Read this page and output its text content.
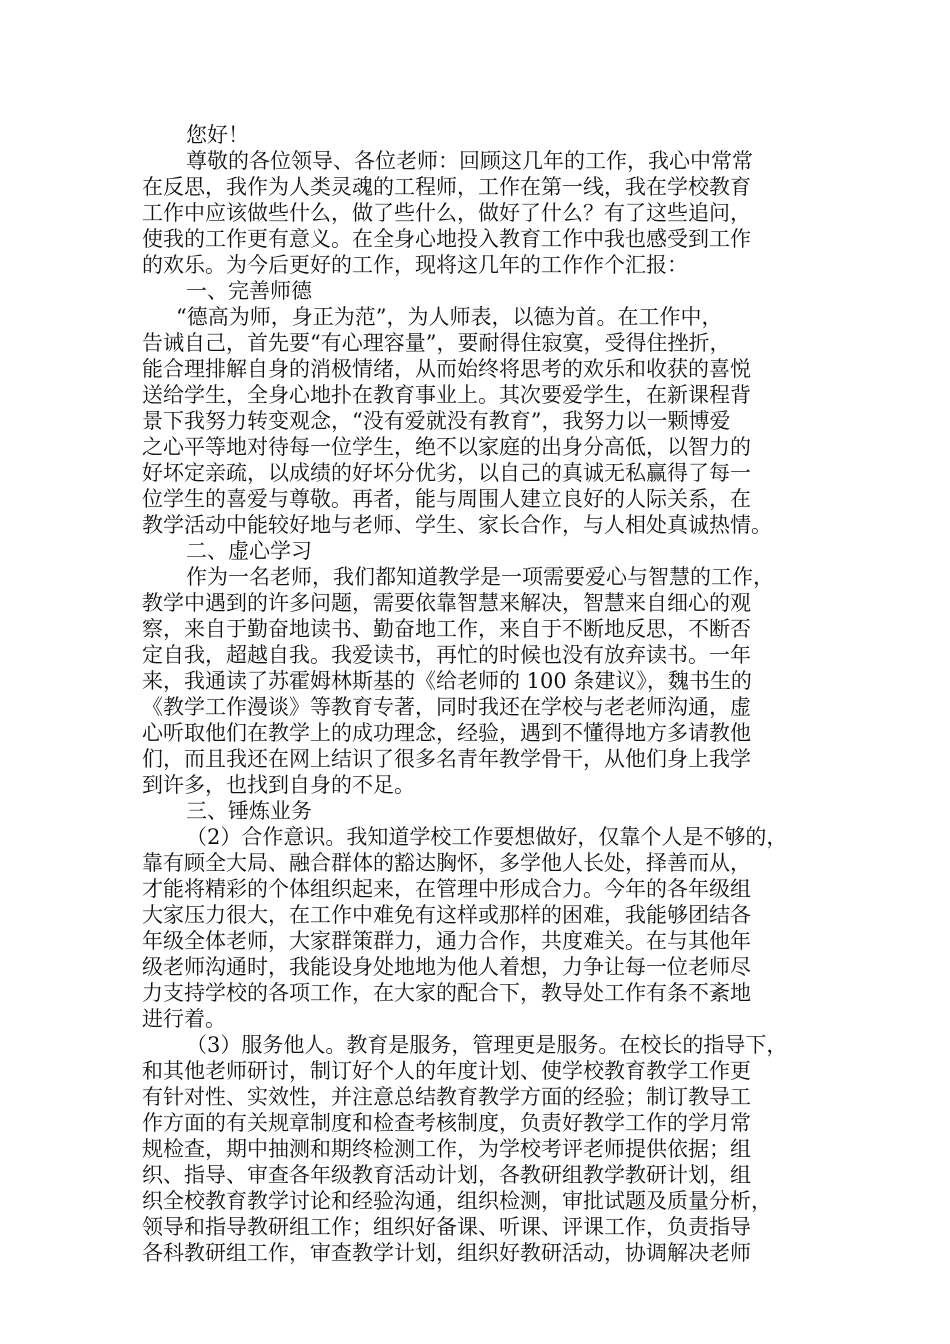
您好！
尊敬的各位领导、各位老师：回顾这几年的工作，我心中常常
在反思，我作为人类灵魂的工程师，工作在第一线，我在学校教育
工作中应该做些什么，做了些什么，做好了什么？有了这些追问，
使我的工作更有意义。在全身心地投入教育工作中我也感受到工作
的欢乐。为今后更好的工作，现将这几年的工作作个汇报：
一、完善师德
“德高为师，身正为范”，为人师表，以德为首。在工作中，
告诫自己，首先要“有心理容量”，要耐得住寂寞，受得住挫折，
能合理排解自身的消极情绪，从而始终将思考的欢乐和收获的喜悦
送给学生，全身心地扑在教育事业上。其次要爱学生，在新课程背
景下我努力转变观念，“没有爱就没有教育”，我努力以一颗博爱
之心平等地对待每一位学生，绝不以家庭的出身分高低，以智力的
好坏定亲疏，以成绩的好坏分优劣，以自己的真诚无私赢得了每一
位学生的喜爱与尊敬。再者，能与周围人建立良好的人际关系，在
教学活动中能较好地与老师、学生、家长合作，与人相处真诚热情。
二、虚心学习
作为一名老师，我们都知道教学是一项需要爱心与智慧的工作，
教学中遇到的许多问题，需要依靠智慧来解决，智慧来自细心的观
察，来自于勤奋地读书、勤奋地工作，来自于不断地反思，不断否
定自我，超越自我。我爱读书，再忙的时候也没有放弃读书。一年
来，我通读了苏霍姆林斯基的《给老师的 100 条建议》，魏书生的
《教学工作漫谈》等教育专著，同时我还在学校与老老师沟通，虚
心听取他们在教学上的成功理念，经验，遇到不懂得地方多请教他
们，而且我还在网上结识了很多名青年教学骨干，从他们身上我学
到许多，也找到自身的不足。
三、锤炼业务
（2）合作意识。我知道学校工作要想做好，仅靠个人是不够的，
靠有顾全大局、融合群体的豁达胸怀，多学他人长处，择善而从，
才能将精彩的个体组织起来，在管理中形成合力。今年的各年级组
大家压力很大，在工作中难免有这样或那样的困难，我能够团结各
年级全体老师，大家群策群力，通力合作，共度难关。在与其他年
级老师沟通时，我能设身处地地为他人着想，力争让每一位老师尽
力支持学校的各项工作，在大家的配合下，教导处工作有条不紊地
进行着。
（3）服务他人。教育是服务，管理更是服务。在校长的指导下，
和其他老师研讨，制订好个人的年度计划、使学校教育教学工作更
有针对性、实效性，并注意总结教育教学方面的经验；制订教导工
作方面的有关规章制度和检查考核制度，负责好教学工作的学月常
规检查，期中抽测和期终检测工作，为学校考评老师提供依据；组
织、指导、审查各年级教育活动计划，各教研组教学教研计划，组
织全校教育教学讨论和经验沟通，组织检测，审批试题及质量分析，
领导和指导教研组工作；组织好备课、听课、评课工作，负责指导
各科教研组工作，审查教学计划，组织好教研活动，协调解决老师
